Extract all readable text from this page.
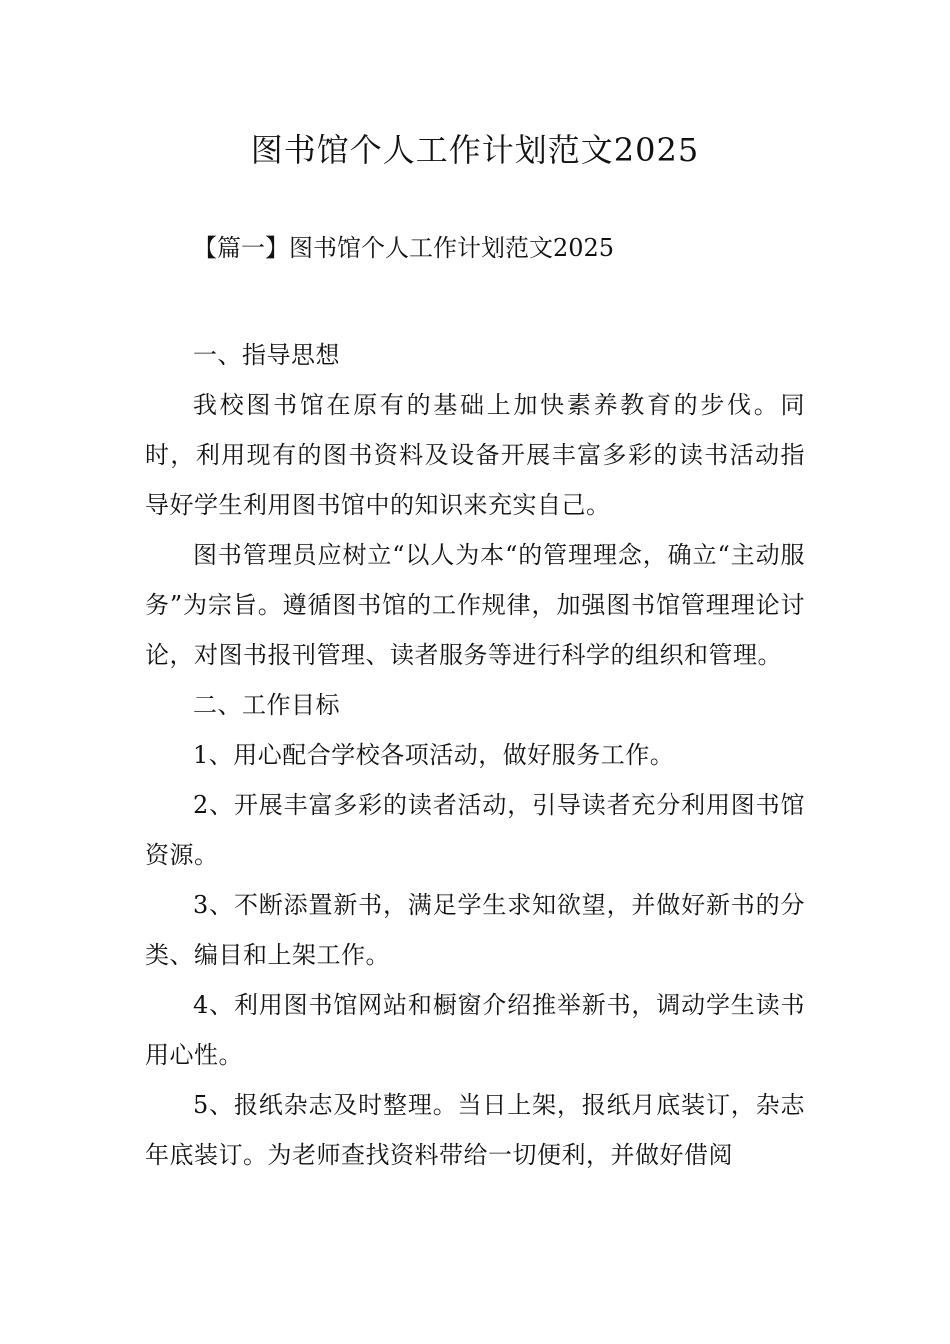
图书馆个人工作计划范文2025

【篇一】图书馆个人工作计划范文2025

一、指导思想

我校图书馆在原有的基础上加快素养教育的步伐。同时，利用现有的图书资料及设备开展丰富多彩的读书活动指导好学生利用图书馆中的知识来充实自己。

图书管理员应树立“以人为本“的管理理念，确立“主动服务”为宗旨。遵循图书馆的工作规律，加强图书馆管理理论讨论，对图书报刊管理、读者服务等进行科学的组织和管理。

二、工作目标

1、用心配合学校各项活动，做好服务工作。

2、开展丰富多彩的读者活动，引导读者充分利用图书馆资源。

3、不断添置新书，满足学生求知欲望，并做好新书的分类、编目和上架工作。

4、利用图书馆网站和橱窗介绍推举新书，调动学生读书用心性。

5、报纸杂志及时整理。当日上架，报纸月底装订，杂志年底装订。为老师查找资料带给一切便利，并做好借阅
